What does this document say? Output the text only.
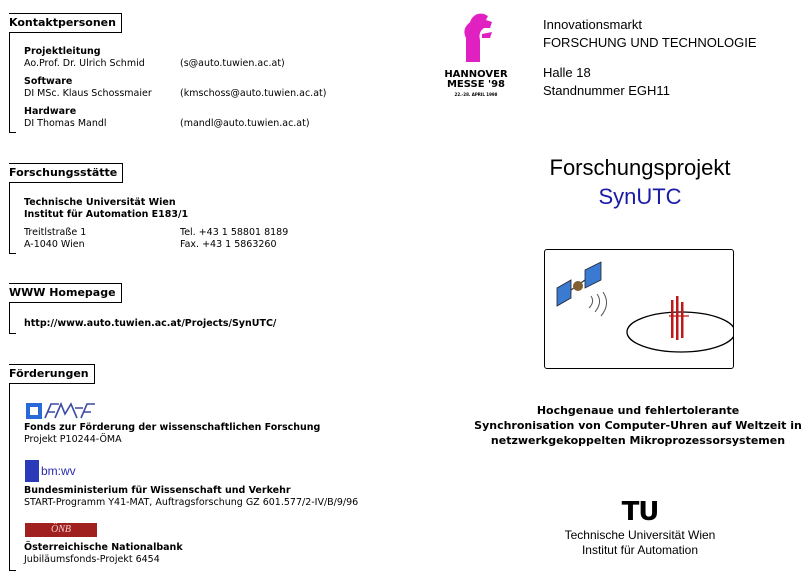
Kontaktpersonen
Projektleitung
Ao.Prof. Dr. Ulrich Schmid	(s@auto.tuwien.ac.at)
Software
DI MSc. Klaus Schossmaier	(kmschoss@auto.tuwien.ac.at)
Hardware
DI Thomas Mandl	(mandl@auto.tuwien.ac.at)
Forschungsstätte
Technische Universität Wien
Institut für Automation E183/1
Treitlstraße 1	Tel. +43 1 58801 8189
A-1040 Wien	Fax. +43 1 5863260
WWW Homepage
http://www.auto.tuwien.ac.at/Projects/SynUTC/
Förderungen
Fonds zur Förderung der wissenschaftlichen Forschung
Projekt P10244-ÖMA
bm:wv
Bundesministerium für Wissenschaft und Verkehr
START-Programm Y41-MAT, Auftragsforschung GZ 601.577/2-IV/B/9/96
ÖNB
Österreichische Nationalbank
Jubiläumsfonds-Projekt 6454
HANNOVER
MESSE '98
22.-28. APRIL 1998
Innovationsmarkt
FORSCHUNG UND TECHNOLOGIE
Halle 18
Standnummer EGH11
Forschungsprojekt
SynUTC
Hochgenaue und fehlertolerante
Synchronisation von Computer-Uhren auf Weltzeit in
netzwerkgekoppelten Mikroprozessorsystemen
TU
Technische Universität Wien
Institut für Automation
